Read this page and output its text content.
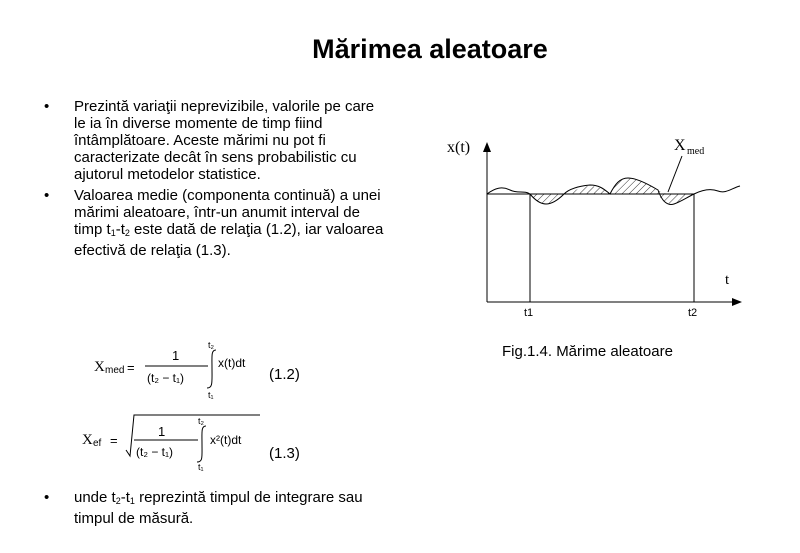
Mărimea aleatoare
• Prezintă variaţii neprevizibile, valorile pe care le ia în diverse momente de timp fiind întâmplătoare. Aceste mărimi nu pot fi caracterizate decât în sens probabilistic cu ajutorul metodelor statistice.
• Valoarea medie (componenta continuă) a unei mărimi aleatoare, într-un anumit interval de timp $t_1-t_2$ este dată de relaţia (1.2), iar valoarea efectivă de relaţia (1.3).
X med =
1
(t₂ − t₁)
t₂
t₁
x(t)dt
(1.2)
X ef =
1
(t₂ − t₁)
t₂
t₁
x²(t)dt
(1.3)
• unde $t_2-t_1$ reprezintă timpul de integrare sau timpul de măsură.
x(t)	X med
t
t1	t2
Fig.1.4. Mărime aleatoare
